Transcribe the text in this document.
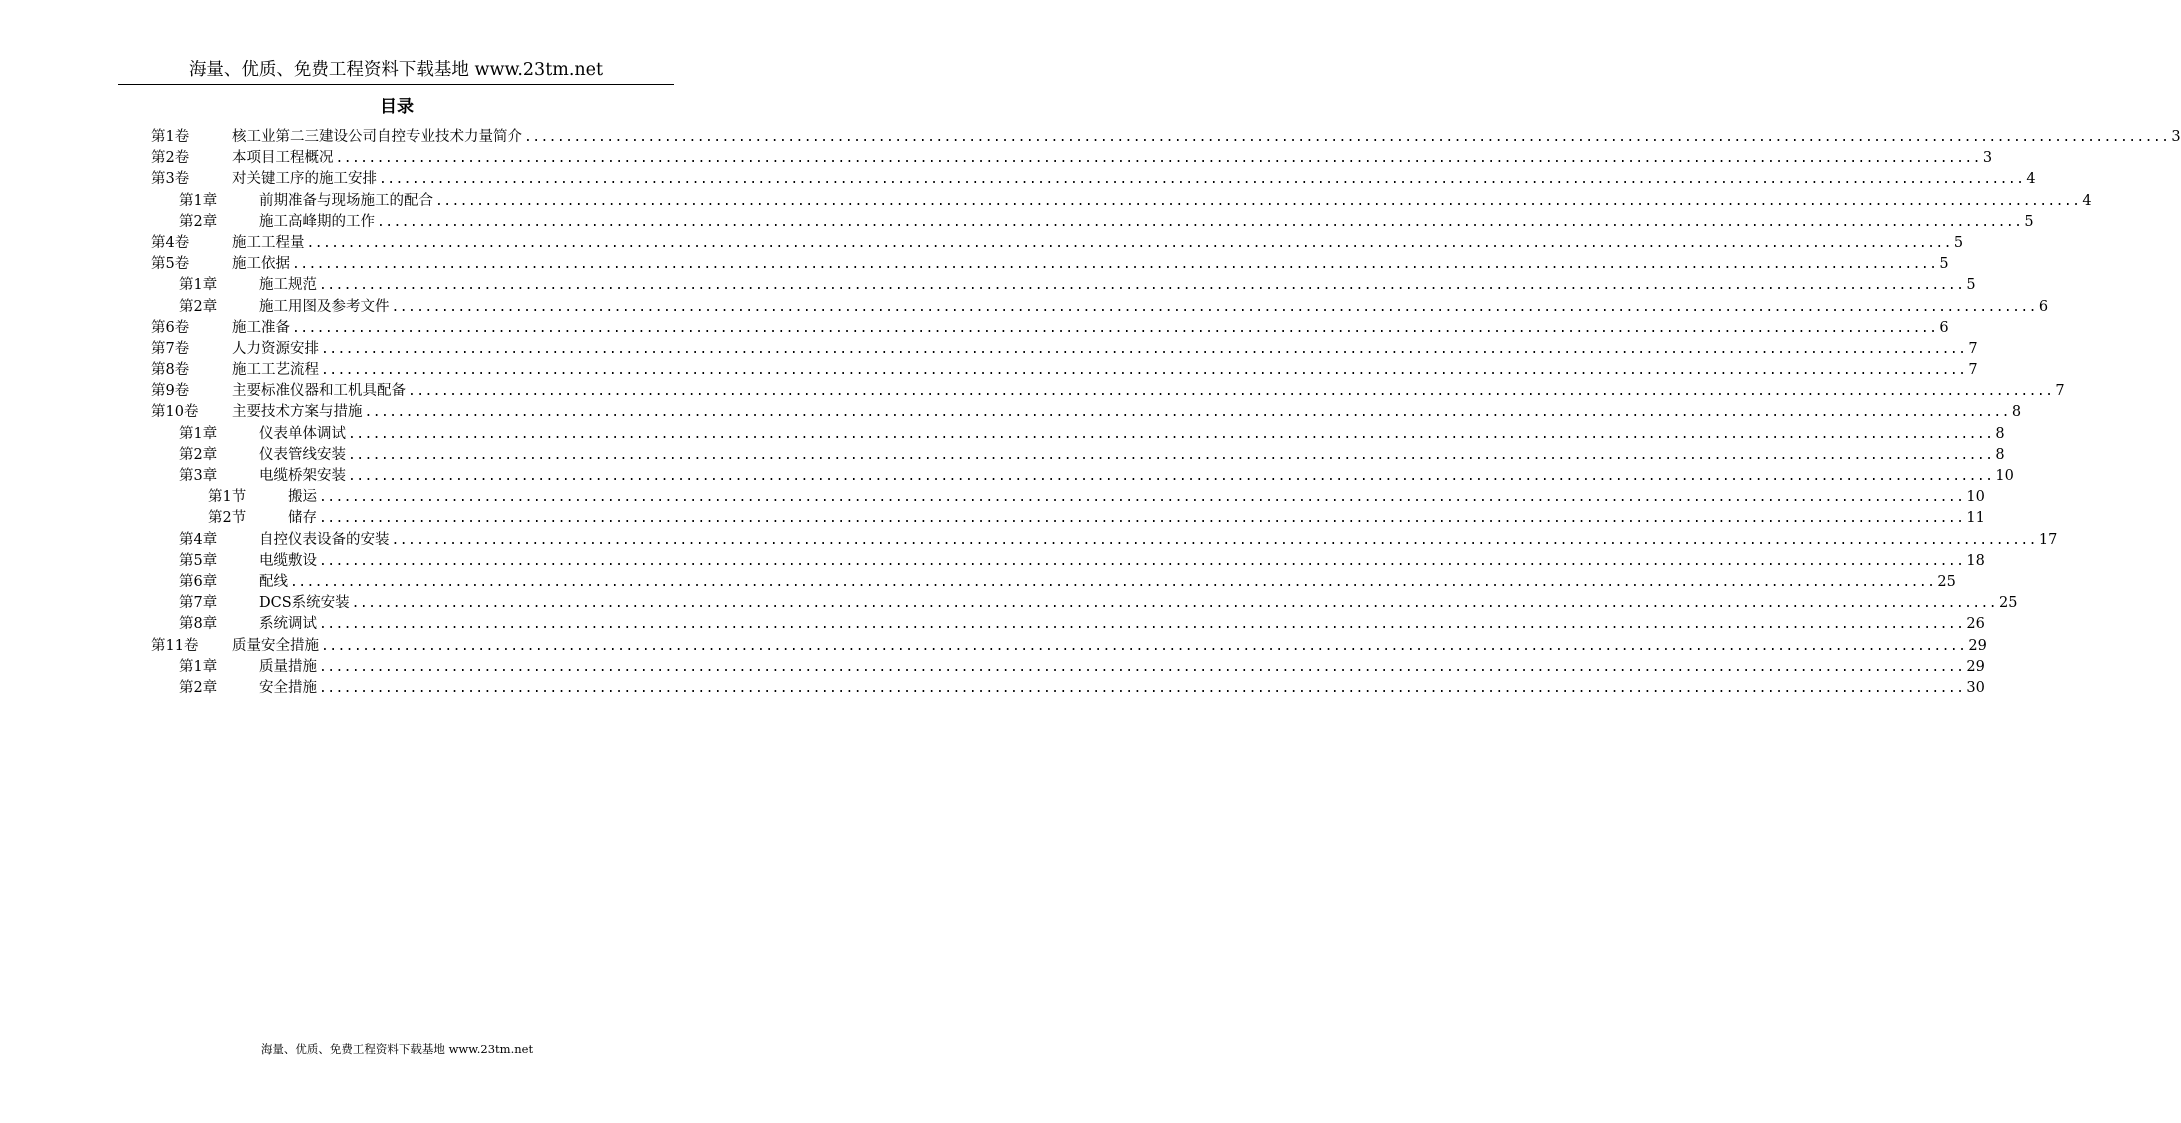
海量、优质、免费工程资料下载基地 www.23tm.net
目录
第1卷	核工业第二三建设公司自控专业技术力量简介 ........................................................................................................................................................................................................ 3
第2卷	本项目工程概况 ........................................................................................................................................................................................................ 3
第3卷	对关键工序的施工安排 ........................................................................................................................................................................................................ 4
第1章	前期准备与现场施工的配合 ........................................................................................................................................................................................................ 4
第2章	施工高峰期的工作 ........................................................................................................................................................................................................ 5
第4卷	施工工程量 ........................................................................................................................................................................................................ 5
第5卷	施工依据 ........................................................................................................................................................................................................ 5
第1章	施工规范 ........................................................................................................................................................................................................ 5
第2章	施工用图及参考文件 ........................................................................................................................................................................................................ 6
第6卷	施工准备 ........................................................................................................................................................................................................ 6
第7卷	人力资源安排 ........................................................................................................................................................................................................ 7
第8卷	施工工艺流程 ........................................................................................................................................................................................................ 7
第9卷	主要标准仪器和工机具配备 ........................................................................................................................................................................................................ 7
第10卷 主要技术方案与措施 ........................................................................................................................................................................................................ 8
第1章	仪表单体调试 ........................................................................................................................................................................................................ 8
第2章	仪表管线安装 ........................................................................................................................................................................................................ 8
第3章	电缆桥架安装 ........................................................................................................................................................................................................ 10
第1节	搬运 ........................................................................................................................................................................................................ 10
第2节	储存 ........................................................................................................................................................................................................ 11
第4章	自控仪表设备的安装 ........................................................................................................................................................................................................ 17
第5章	电缆敷设 ........................................................................................................................................................................................................ 18
第6章	配线 ........................................................................................................................................................................................................ 25
第7章	DCS系统安装 ........................................................................................................................................................................................................ 25
第8章	系统调试 ........................................................................................................................................................................................................ 26
第11卷 质量安全措施 ........................................................................................................................................................................................................ 29
第1章	质量措施 ........................................................................................................................................................................................................ 29
第2章	安全措施 ........................................................................................................................................................................................................ 30
海量、优质、免费工程资料下载基地 www.23tm.net
